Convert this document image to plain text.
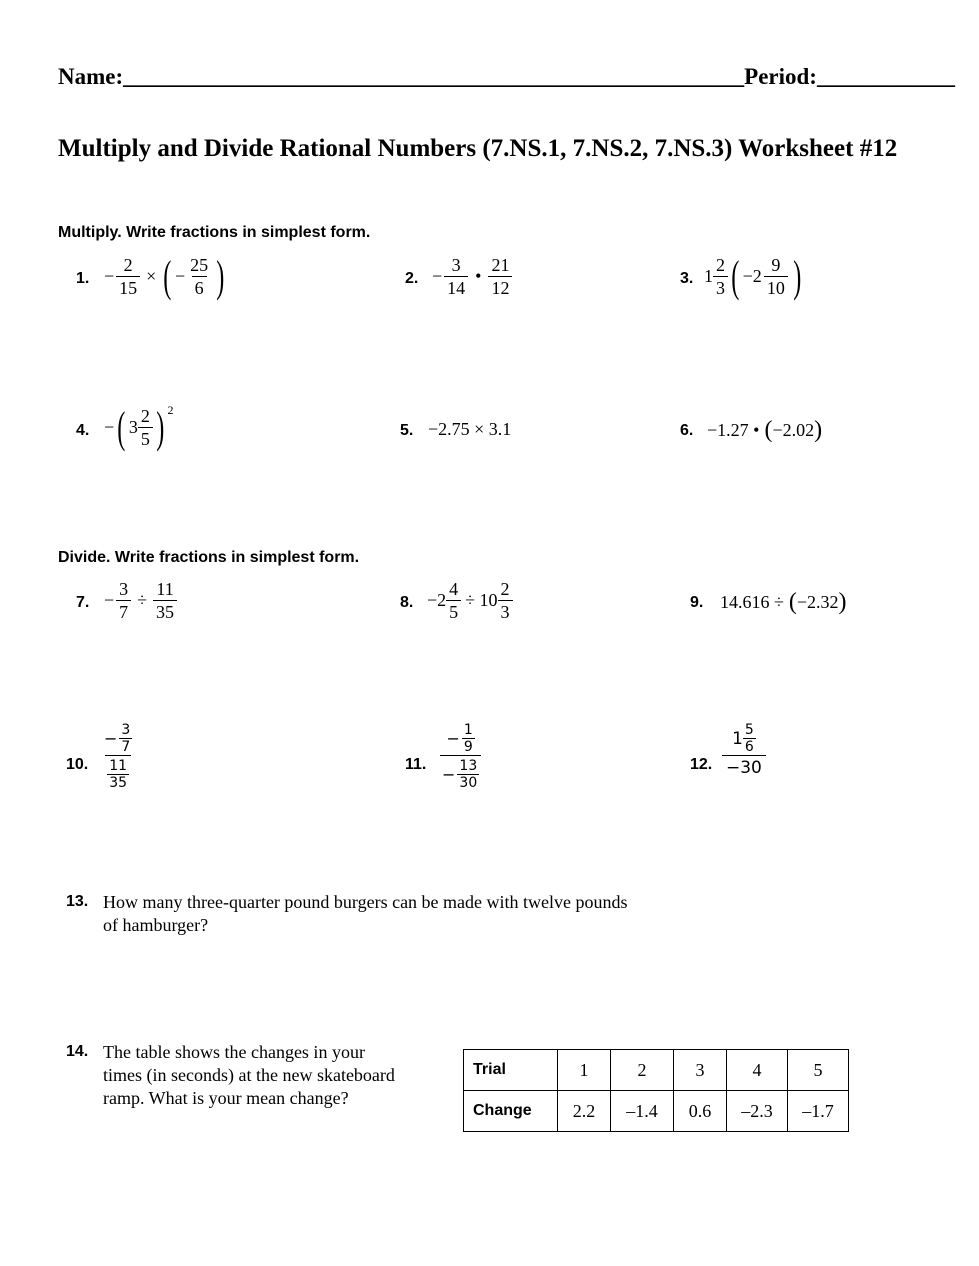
Name:______________________________________________________Period:____________
Multiply and Divide Rational Numbers (7.NS.1, 7.NS.2, 7.NS.3) Worksheet #12
Multiply. Write fractions in simplest form.
1. − $\frac{2}{15}$ × ( − $\frac{25}{6}$ )	2. − $\frac{3}{14}$ • $\frac{21}{12}$	3. $1 \frac{2}{3}$ ( $-2 \frac{9}{10}$ )
4. − ( $3 \frac{2}{5}$ ) 2
5. −2.75 × 3.1	6. −1.27 • ( −2.02 )
Divide. Write fractions in simplest form.
7. − $\frac{3}{7} \div \frac{11}{35}$	8. $-2 \frac{4}{5} \div 10 \frac{2}{3}$	9. 14.616 ÷ ( −2.32 )
10. $\frac{- \frac{3}{7}}{\frac{11}{35}}$	11. $\frac{- \frac{1}{9}}{- \frac{13}{30}}$	12. $\frac{1 \frac{5}{6}}{-30}$
13. How many three-quarter pound burgers can be made with twelve pounds
of hamburger?
14. The table shows the changes in your
times (in seconds) at the new skateboard
ramp. What is your mean change?
Trial	1	2	3	4	5
Change	2.2	–1.4	0.6	–2.3	–1.7
